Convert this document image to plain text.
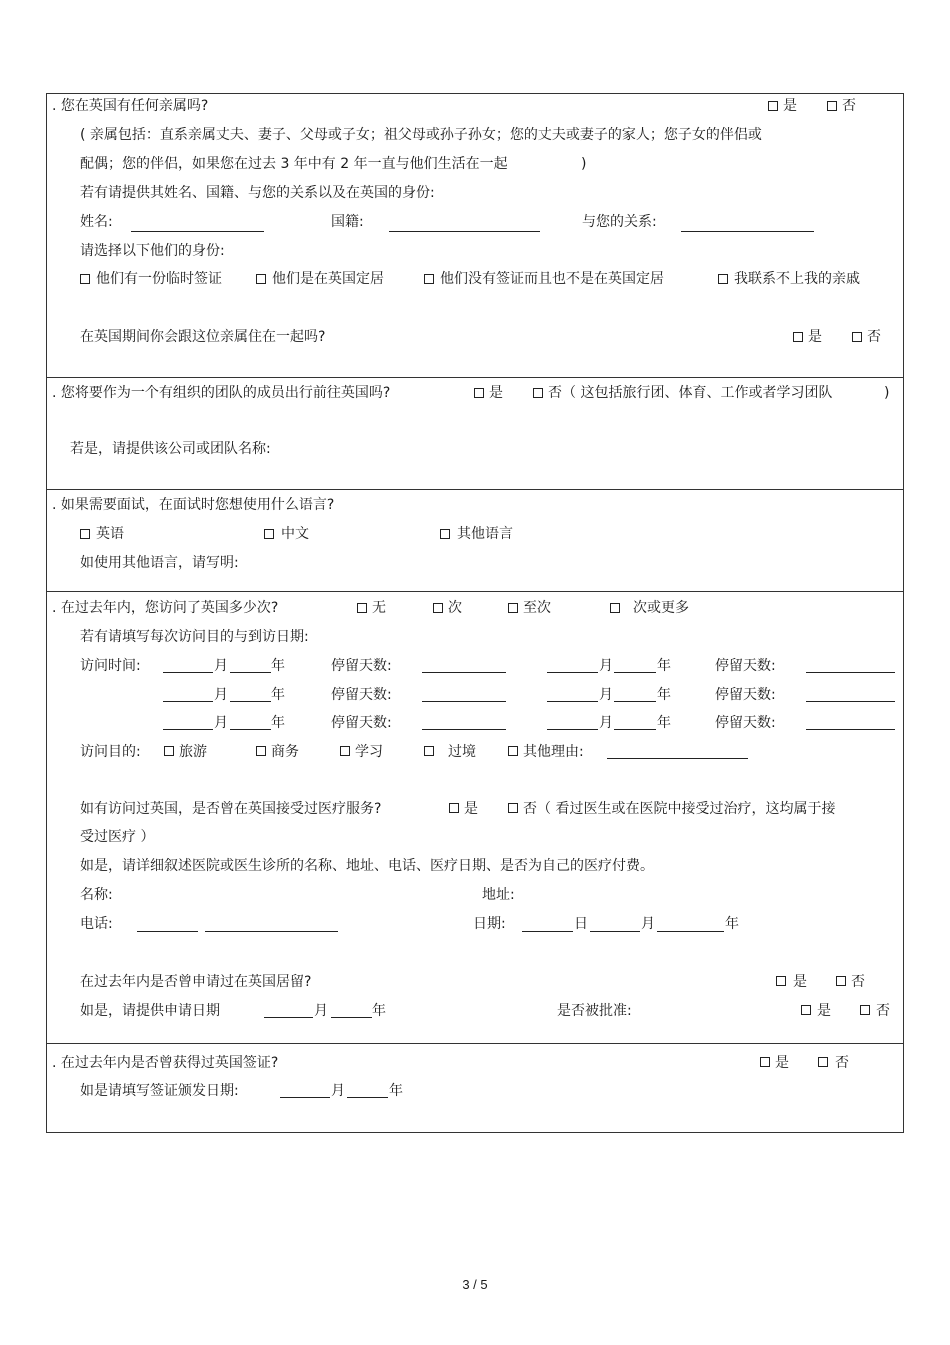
. 您在英国有任何亲属吗?	是	否
( 亲属包括：直系亲属丈夫、妻子、父母或子女；祖父母或孙子孙女；您的丈夫或妻子的家人；您子女的伴侣或
配偶；您的伴侣，如果您在过去 3 年中有 2 年一直与他们生活在一起	)
若有请提供其姓名、国籍、与您的关系以及在英国的身份:
姓名:	国籍:	与您的关系:
请选择以下他们的身份:
他们有一份临时签证	他们是在英国定居	他们没有签证而且也不是在英国定居	我联系不上我的亲戚
在英国期间你会跟这位亲属住在一起吗?	是	否
. 您将要作为一个有组织的团队的成员出行前往英国吗?	是	否（ 这包括旅行团、体育、工作或者学习团队	)
若是，请提供该公司或团队名称:
. 如果需要面试，在面试时您想使用什么语言?
英语	中文	其他语言
如使用其他语言，请写明:
. 在过去年内，您访问了英国多少次?	无	次	至次	次或更多
若有请填写每次访问目的与到访日期:
访问时间:	月	年	停留天数:	月	年	停留天数:
月	年	停留天数:	月	年	停留天数:
月	年	停留天数:	月	年	停留天数:
访问目的:	旅游	商务	学习	过境	其他理由:
如有访问过英国，是否曾在英国接受过医疗服务?	是	否（ 看过医生或在医院中接受过治疗，这均属于接
受过医疗 ）
如是，请详细叙述医院或医生诊所的名称、地址、电话、医疗日期、是否为自己的医疗付费。
名称:	地址:
电话:	日期:	日	月	年
在过去年内是否曾申请过在英国居留?	是	否
如是，请提供申请日期	月	年	是否被批准:	是	否
. 在过去年内是否曾获得过英国签证?	是	否
如是请填写签证颁发日期:	月	年
3 / 5
